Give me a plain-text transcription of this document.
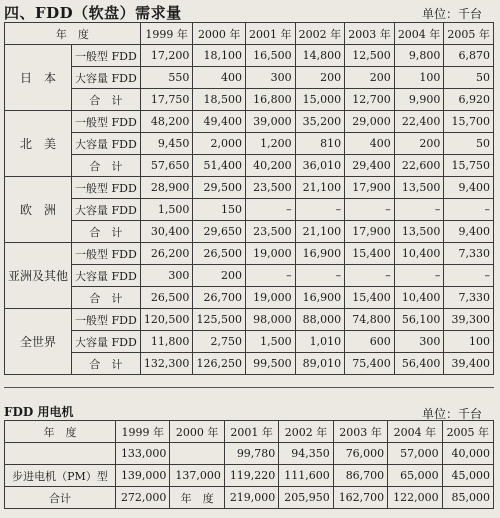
四、FDD（软盘）需求量	单位：千台
年　度		1999 年	2000 年	2001 年	2002 年	2003 年	2004 年	2005 年
日　本	一般型 FDD	17,200	18,100	16,500	14,800	12,500	9,800	6,870
	大容量 FDD	550	400	300	200	200	100	50
	合　计	17,750	18,500	16,800	15,000	12,700	9,900	6,920
北　美	一般型 FDD	48,200	49,400	39,000	35,200	29,000	22,400	15,700
	大容量 FDD	9,450	2,000	1,200	810	400	200	50
	合　计	57,650	51,400	40,200	36,010	29,400	22,600	15,750
欧　洲	一般型 FDD	28,900	29,500	23,500	21,100	17,900	13,500	9,400
	大容量 FDD	1,500	150	–	–	–	–	–
	合　计	30,400	29,650	23,500	21,100	17,900	13,500	9,400
亚洲及其他	一般型 FDD	26,200	26,500	19,000	16,900	15,400	10,400	7,330
	大容量 FDD	300	200	–	–	–	–	–
	合　计	26,500	26,700	19,000	16,900	15,400	10,400	7,330
全世界	一般型 FDD	120,500	125,500	98,000	88,000	74,800	56,100	39,300
	大容量 FDD	11,800	2,750	1,500	1,010	600	300	100
	合　计	132,300	126,250	99,500	89,010	75,400	56,400	39,400
FDD 用电机	单位：千台
年　度	1999 年	2000 年	2001 年	2002 年	2003 年	2004 年	2005 年
	133,000		99,780	94,350	76,000	57,000	40,000
步进电机（PM）型	139,000	137,000	119,220	111,600	86,700	65,000	45,000
合计	272,000	年　度	219,000	205,950	162,700	122,000	85,000
